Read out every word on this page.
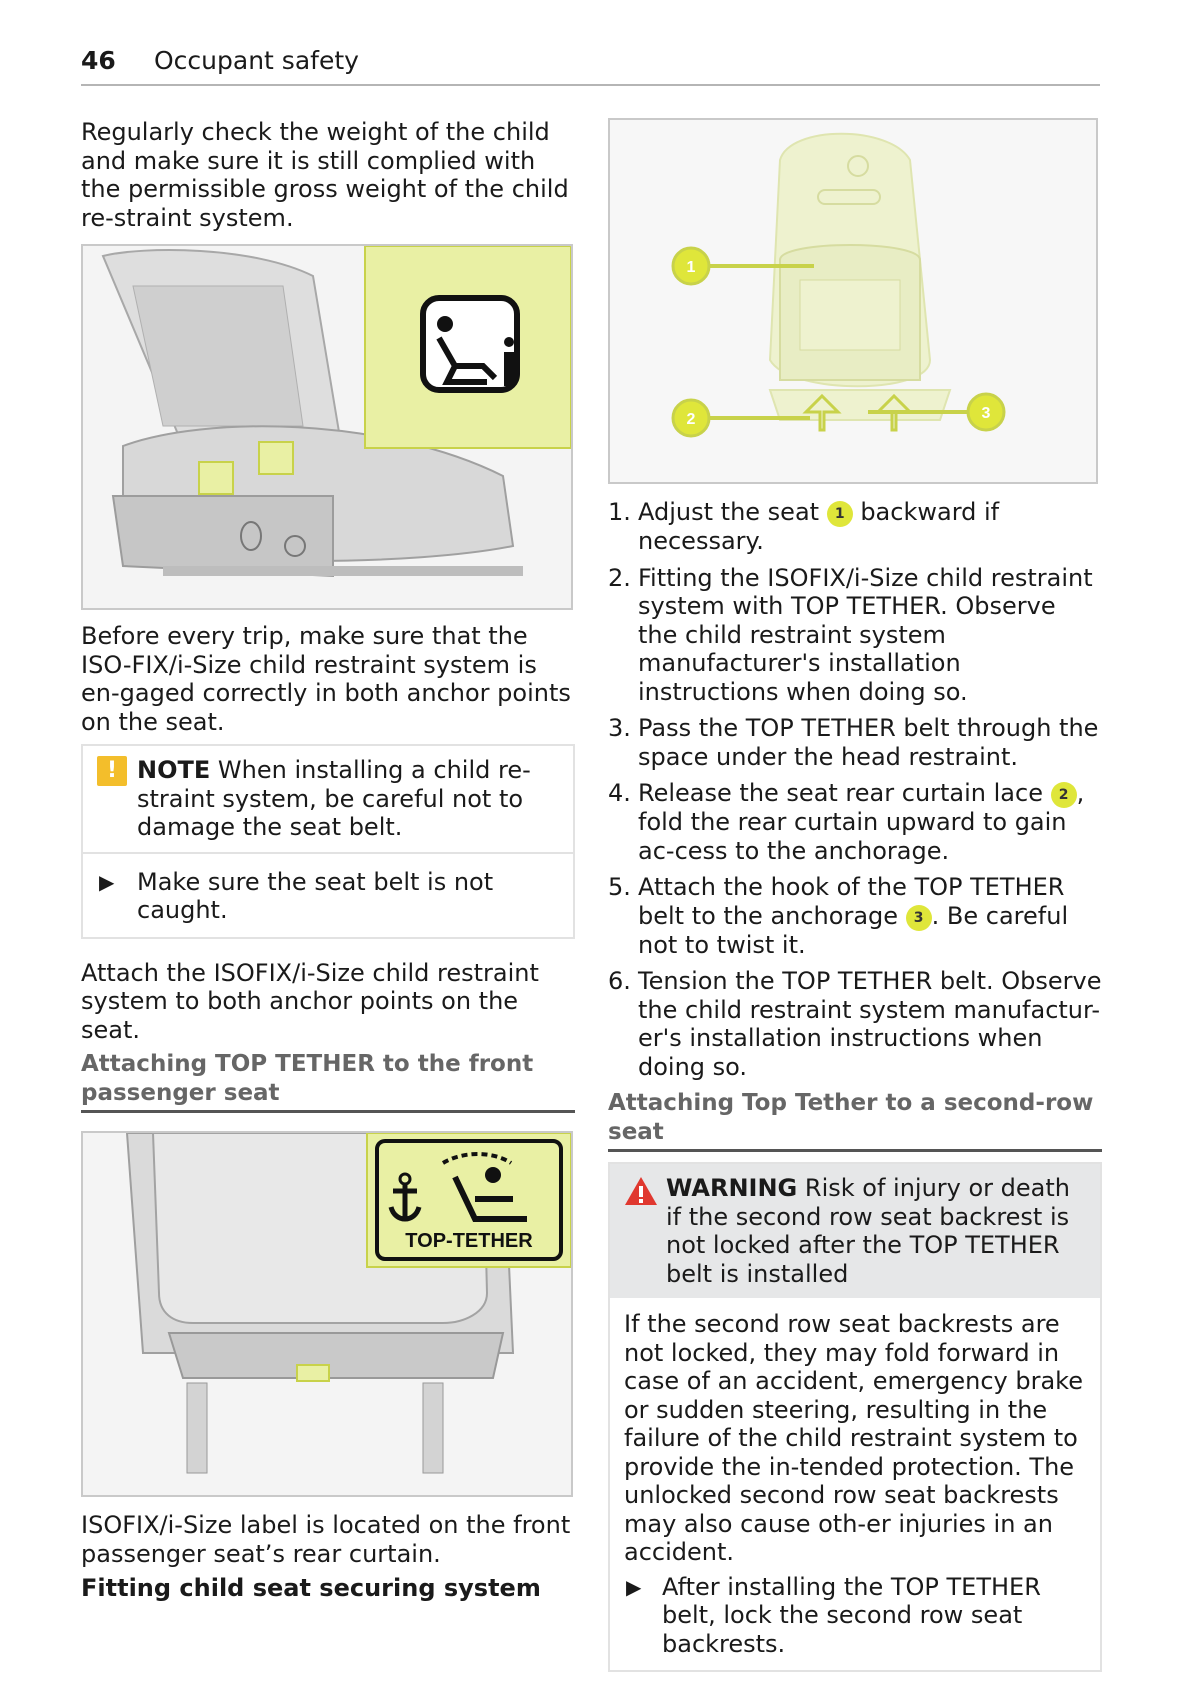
46 Occupant safety

Regularly check the weight of the child and make sure it is still complied with the permissible gross weight of the child re-straint system.

Before every trip, make sure that the ISO-FIX/i-Size child restraint system is en-gaged correctly in both anchor points on the seat.

! NOTE When installing a child re-straint system, be careful not to damage the seat belt.
▶ Make sure the seat belt is not caught.

Attach the ISOFIX/i-Size child restraint system to both anchor points on the seat.

Attaching TOP TETHER to the front passenger seat
TOP-TETHER

ISOFIX/i-Size label is located on the front passenger seat’s rear curtain.

Fitting child seat securing system
1
2	3
1. Adjust the seat 1 backward if necessary.
2. Fitting the ISOFIX/i-Size child restraint system with TOP TETHER. Observe the child restraint system manufacturer's installation instructions when doing so.
3. Pass the TOP TETHER belt through the space under the head restraint.
4. Release the seat rear curtain lace 2 , fold the rear curtain upward to gain ac-cess to the anchorage.
5. Attach the hook of the TOP TETHER belt to the anchorage 3 . Be careful not to twist it.
6. Tension the TOP TETHER belt. Observe the child restraint system manufactur-er's installation instructions when doing so.
Attaching Top Tether to a second-row seat
WARNING Risk of injury or death if the second row seat backrest is not locked after the TOP TETHER belt is installed
If the second row seat backrests are not locked, they may fold forward in case of an accident, emergency brake or sudden steering, resulting in the failure of the child restraint system to provide the in-tended protection. The unlocked second row seat backrests may also cause oth-er injuries in an accident.
▶ After installing the TOP TETHER belt, lock the second row seat backrests.
